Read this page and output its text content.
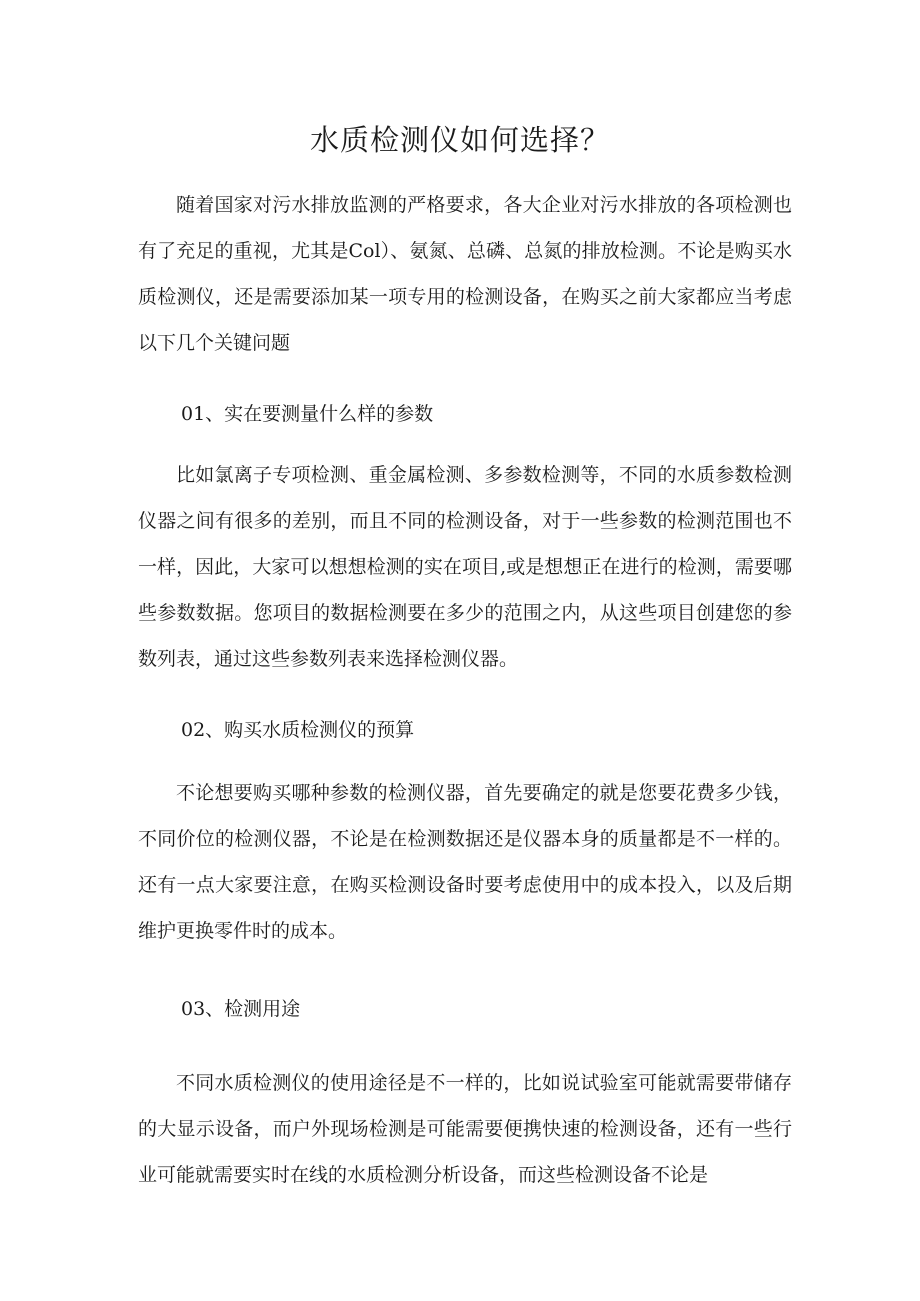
水质检测仪如何选择？

随着国家对污水排放监测的严格要求，各大企业对污水排放的各项检测也有了充足的重视，尤其是Col）、氨氮、总磷、总氮的排放检测。不论是购买水质检测仪，还是需要添加某一项专用的检测设备，在购买之前大家都应当考虑以下几个关键问题

01、实在要测量什么样的参数

比如氯离子专项检测、重金属检测、多参数检测等，不同的水质参数检测仪器之间有很多的差别，而且不同的检测设备，对于一些参数的检测范围也不一样，因此，大家可以想想检测的实在项目,或是想想正在进行的检测，需要哪些参数数据。您项目的数据检测要在多少的范围之内，从这些项目创建您的参数列表，通过这些参数列表来选择检测仪器。

02、购买水质检测仪的预算

不论想要购买哪种参数的检测仪器，首先要确定的就是您要花费多少钱，不同价位的检测仪器，不论是在检测数据还是仪器本身的质量都是不一样的。还有一点大家要注意，在购买检测设备时要考虑使用中的成本投入，以及后期维护更换零件时的成本。

03、检测用途

不同水质检测仪的使用途径是不一样的，比如说试验室可能就需要带储存的大显示设备，而户外现场检测是可能需要便携快速的检测设备，还有一些行业可能就需要实时在线的水质检测分析设备，而这些检测设备不论是
